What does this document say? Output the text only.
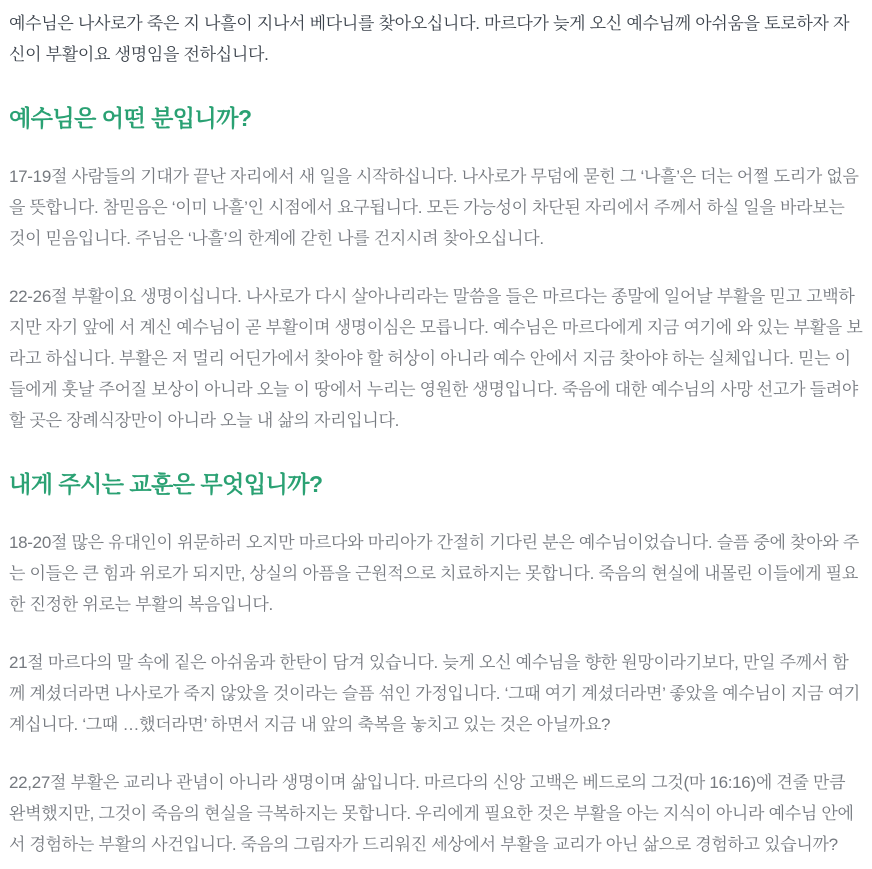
예수님은 나사로가 죽은 지 나흘이 지나서 베다니를 찾아오십니다. 마르다가 늦게 오신 예수님께 아쉬움을 토로하자 자신이 부활이요 생명임을 전하십니다.

예수님은 어떤 분입니까?

17-19절 사람들의 기대가 끝난 자리에서 새 일을 시작하십니다. 나사로가 무덤에 묻힌 그 ‘나흘’은 더는 어쩔 도리가 없음을 뜻합니다. 참믿음은 ‘이미 나흘’인 시점에서 요구됩니다. 모든 가능성이 차단된 자리에서 주께서 하실 일을 바라보는 것이 믿음입니다. 주님은 ‘나흘’의 한계에 갇힌 나를 건지시려 찾아오십니다.

22-26절 부활이요 생명이십니다. 나사로가 다시 살아나리라는 말씀을 들은 마르다는 종말에 일어날 부활을 믿고 고백하지만 자기 앞에 서 계신 예수님이 곧 부활이며 생명이심은 모릅니다. 예수님은 마르다에게 지금 여기에 와 있는 부활을 보라고 하십니다. 부활은 저 멀리 어딘가에서 찾아야 할 허상이 아니라 예수 안에서 지금 찾아야 하는 실체입니다. 믿는 이들에게 훗날 주어질 보상이 아니라 오늘 이 땅에서 누리는 영원한 생명입니다. 죽음에 대한 예수님의 사망 선고가 들려야 할 곳은 장례식장만이 아니라 오늘 내 삶의 자리입니다.

내게 주시는 교훈은 무엇입니까?

18-20절 많은 유대인이 위문하러 오지만 마르다와 마리아가 간절히 기다린 분은 예수님이었습니다. 슬픔 중에 찾아와 주는 이들은 큰 힘과 위로가 되지만, 상실의 아픔을 근원적으로 치료하지는 못합니다. 죽음의 현실에 내몰린 이들에게 필요한 진정한 위로는 부활의 복음입니다.

21절 마르다의 말 속에 짙은 아쉬움과 한탄이 담겨 있습니다. 늦게 오신 예수님을 향한 원망이라기보다, 만일 주께서 함께 계셨더라면 나사로가 죽지 않았을 것이라는 슬픔 섞인 가정입니다. ‘그때 여기 계셨더라면’ 좋았을 예수님이 지금 여기 계십니다. ‘그때 …했더라면’ 하면서 지금 내 앞의 축복을 놓치고 있는 것은 아닐까요?

22,27절 부활은 교리나 관념이 아니라 생명이며 삶입니다. 마르다의 신앙 고백은 베드로의 그것(마 16:16)에 견줄 만큼 완벽했지만, 그것이 죽음의 현실을 극복하지는 못합니다. 우리에게 필요한 것은 부활을 아는 지식이 아니라 예수님 안에서 경험하는 부활의 사건입니다. 죽음의 그림자가 드리워진 세상에서 부활을 교리가 아닌 삶으로 경험하고 있습니까?
